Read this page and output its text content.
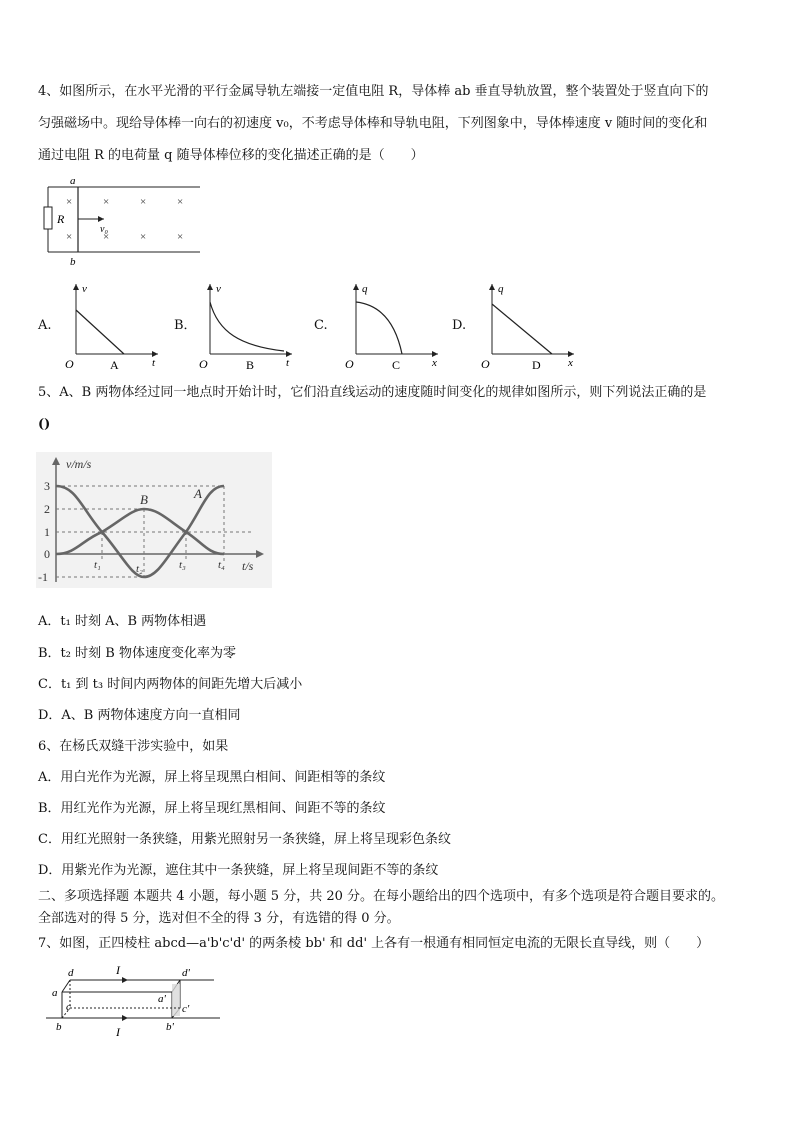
4、如图所示，在水平光滑的平行金属导轨左端接一定值电阻 R，导体棒 ab 垂直导轨放置，整个装置处于竖直向下的
匀强磁场中。现给导体棒一向右的初速度 v₀，不考虑导体棒和导轨电阻，下列图象中，导体棒速度 v 随时间的变化和
通过电阻 R 的电荷量 q 随导体棒位移的变化描述正确的是（　　）
R
a
b
×	×	×	×
×	×	×	×
v₀
A.
v
t
O	A
B．
v
t
O	B
C.
q
x
O	C
D.
q
x
O	D
5、A、B 两物体经过同一地点时开始计时，它们沿直线运动的速度随时间变化的规律如图所示，则下列说法正确的是
()
v/m/s
t/s
3
2
1
0
-1
t₁	t₂	t₃	t₄
B	A
A．t₁ 时刻 A、B 两物体相遇
B．t₂ 时刻 B 物体速度变化率为零
C．t₁ 到 t₃ 时间内两物体的间距先增大后减小
D．A、B 两物体速度方向一直相同
6、在杨氏双缝干涉实验中，如果
A．用白光作为光源，屏上将呈现黑白相间、间距相等的条纹
B．用红光作为光源，屏上将呈现红黑相间、间距不等的条纹
C．用红光照射一条狭缝，用紫光照射另一条狭缝，屏上将呈现彩色条纹
D．用紫光作为光源，遮住其中一条狭缝，屏上将呈现间距不等的条纹
二、多项选择题 本题共 4 小题，每小题 5 分，共 20 分。在每小题给出的四个选项中，有多个选项是符合题目要求的。
全部选对的得 5 分，选对但不全的得 3 分，有选错的得 0 分。
7、如图，正四棱柱 abcd—a'b'c'd' 的两条棱 bb' 和 dd' 上各有一根通有相同恒定电流的无限长直导线，则（　　）
d
a
c
b
d'
a'
c'
b'
I
I
